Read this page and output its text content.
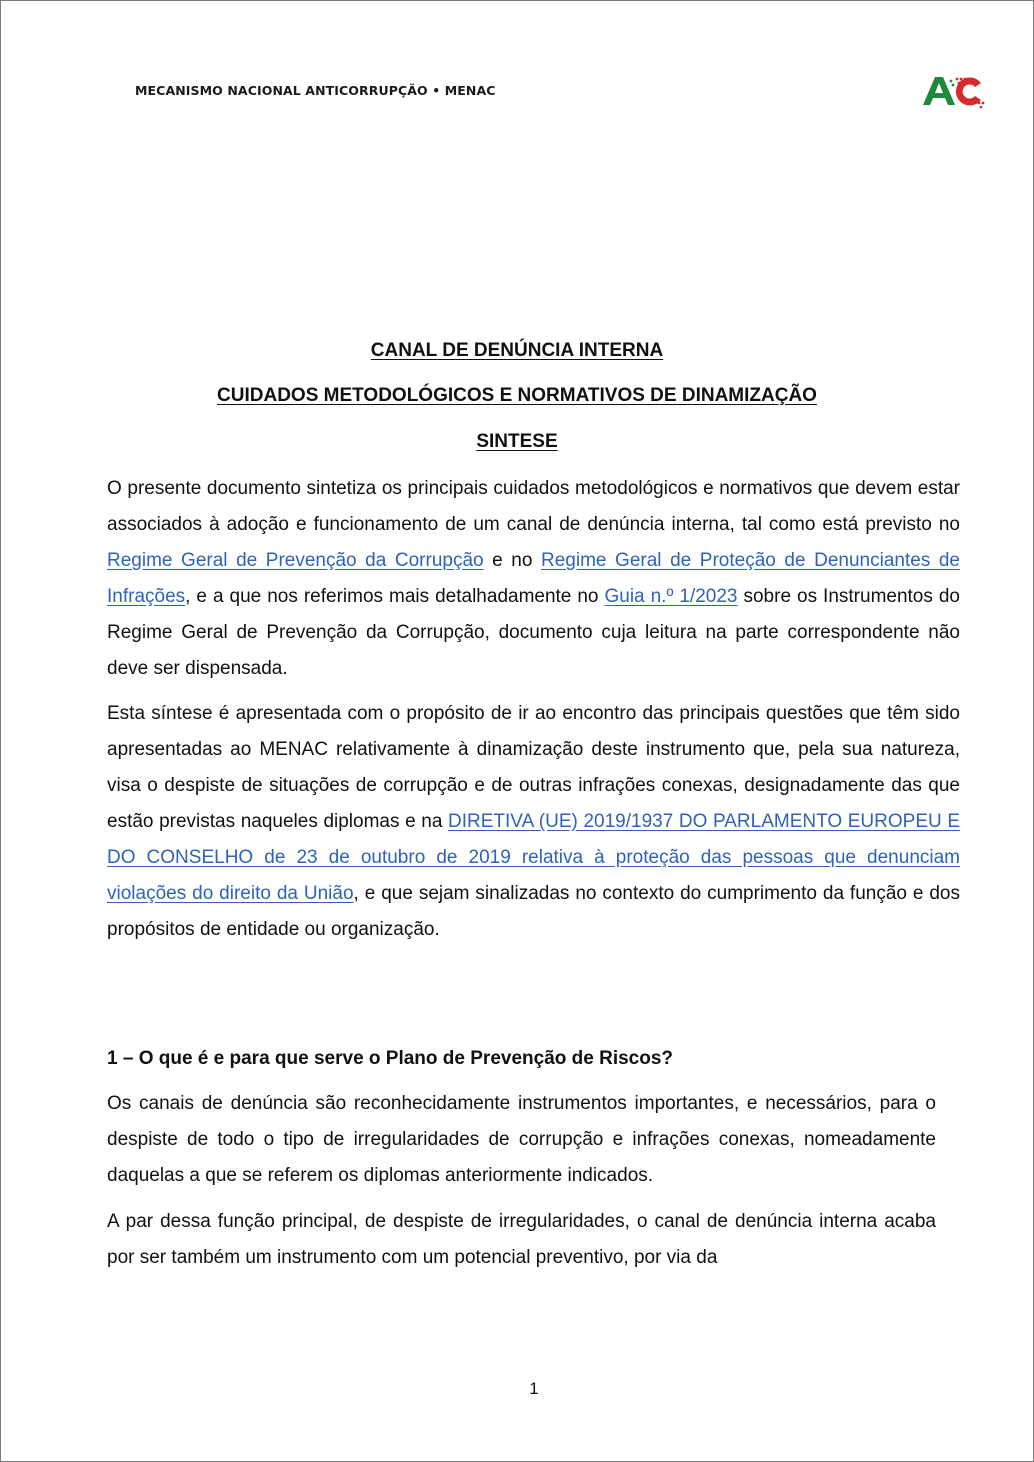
MECANISMO NACIONAL ANTICORRUPÇÃO • MENAC
CANAL DE DENÚNCIA INTERNA
CUIDADOS METODOLÓGICOS E NORMATIVOS DE DINAMIZAÇÃO
SINTESE

O presente documento sintetiza os principais cuidados metodológicos e normativos que devem estar associados à adoção e funcionamento de um canal de denúncia interna, tal como está previsto no Regime Geral de Prevenção da Corrupção e no Regime Geral de Proteção de Denunciantes de Infrações, e a que nos referimos mais detalhadamente no Guia n.º 1/2023 sobre os Instrumentos do Regime Geral de Prevenção da Corrupção, documento cuja leitura na parte correspondente não deve ser dispensada.

Esta síntese é apresentada com o propósito de ir ao encontro das principais questões que têm sido apresentadas ao MENAC relativamente à dinamização deste instrumento que, pela sua natureza, visa o despiste de situações de corrupção e de outras infrações conexas, designadamente das que estão previstas naqueles diplomas e na DIRETIVA (UE) 2019/1937 DO PARLAMENTO EUROPEU E DO CONSELHO de 23 de outubro de 2019 relativa à proteção das pessoas que denunciam violações do direito da União, e que sejam sinalizadas no contexto do cumprimento da função e dos propósitos de entidade ou organização.

1 – O que é e para que serve o Plano de Prevenção de Riscos?

Os canais de denúncia são reconhecidamente instrumentos importantes, e necessários, para o despiste de todo o tipo de irregularidades de corrupção e infrações conexas, nomeadamente daquelas a que se referem os diplomas anteriormente indicados.

A par dessa função principal, de despiste de irregularidades, o canal de denúncia interna acaba por ser também um instrumento com um potencial preventivo, por via da

1
